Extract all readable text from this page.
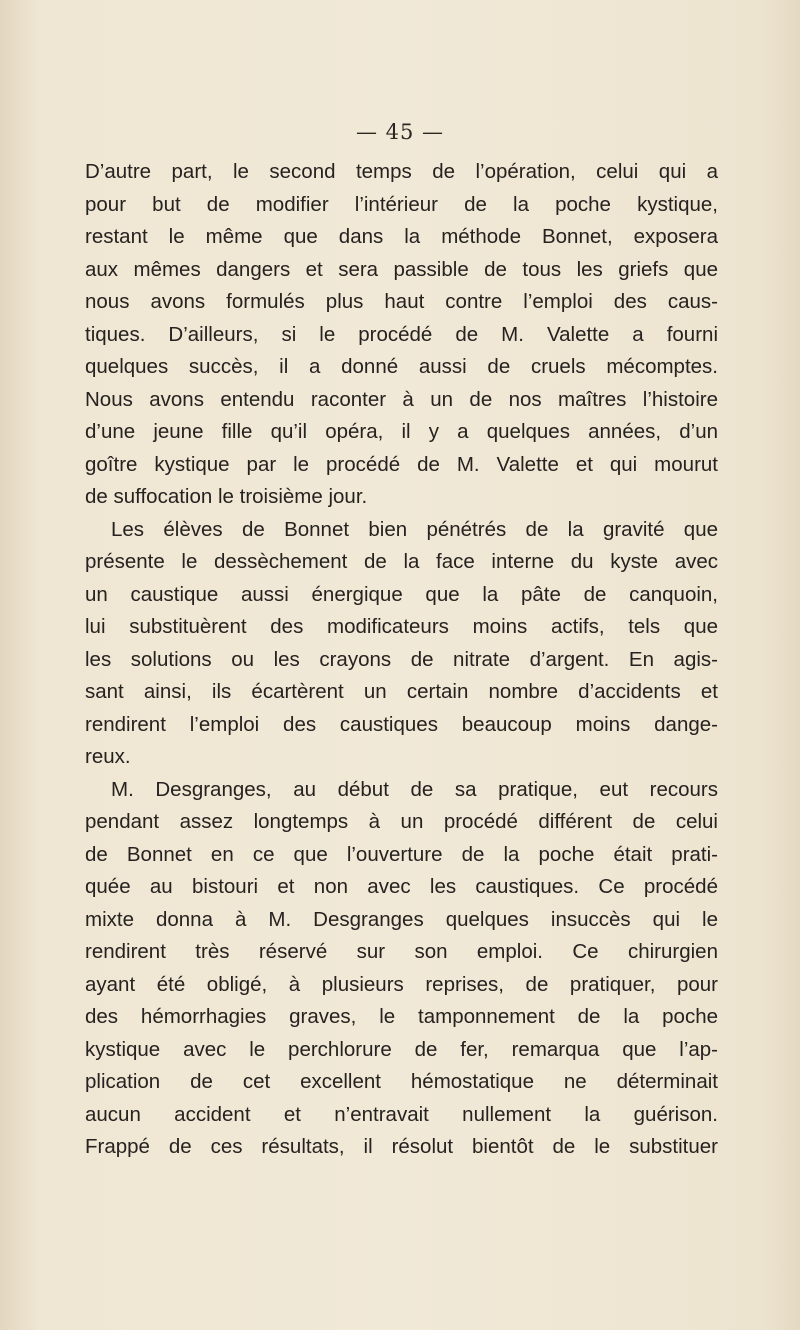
— 45 —
D’autre part, le second temps de l’opération, celui qui a
pour but de modifier l’intérieur de la poche kystique,
restant le même que dans la méthode Bonnet, exposera
aux mêmes dangers et sera passible de tous les griefs que
nous avons formulés plus haut contre l’emploi des caus-
tiques. D’ailleurs, si le procédé de M. Valette a fourni
quelques succès, il a donné aussi de cruels mécomptes.
Nous avons entendu raconter à un de nos maîtres l’histoire
d’une jeune fille qu’il opéra, il y a quelques années, d’un
goître kystique par le procédé de M. Valette et qui mourut
de suffocation le troisième jour.
Les élèves de Bonnet bien pénétrés de la gravité que
présente le dessèchement de la face interne du kyste avec
un caustique aussi énergique que la pâte de canquoin,
lui substituèrent des modificateurs moins actifs, tels que
les solutions ou les crayons de nitrate d’argent. En agis-
sant ainsi, ils écartèrent un certain nombre d’accidents et
rendirent l’emploi des caustiques beaucoup moins dange-
reux.
M. Desgranges, au début de sa pratique, eut recours
pendant assez longtemps à un procédé différent de celui
de Bonnet en ce que l’ouverture de la poche était prati-
quée au bistouri et non avec les caustiques. Ce procédé
mixte donna à M. Desgranges quelques insuccès qui le
rendirent très réservé sur son emploi. Ce chirurgien
ayant été obligé, à plusieurs reprises, de pratiquer, pour
des hémorrhagies graves, le tamponnement de la poche
kystique avec le perchlorure de fer, remarqua que l’ap-
plication de cet excellent hémostatique ne déterminait
aucun accident et n’entravait nullement la guérison.
Frappé de ces résultats, il résolut bientôt de le substituer
